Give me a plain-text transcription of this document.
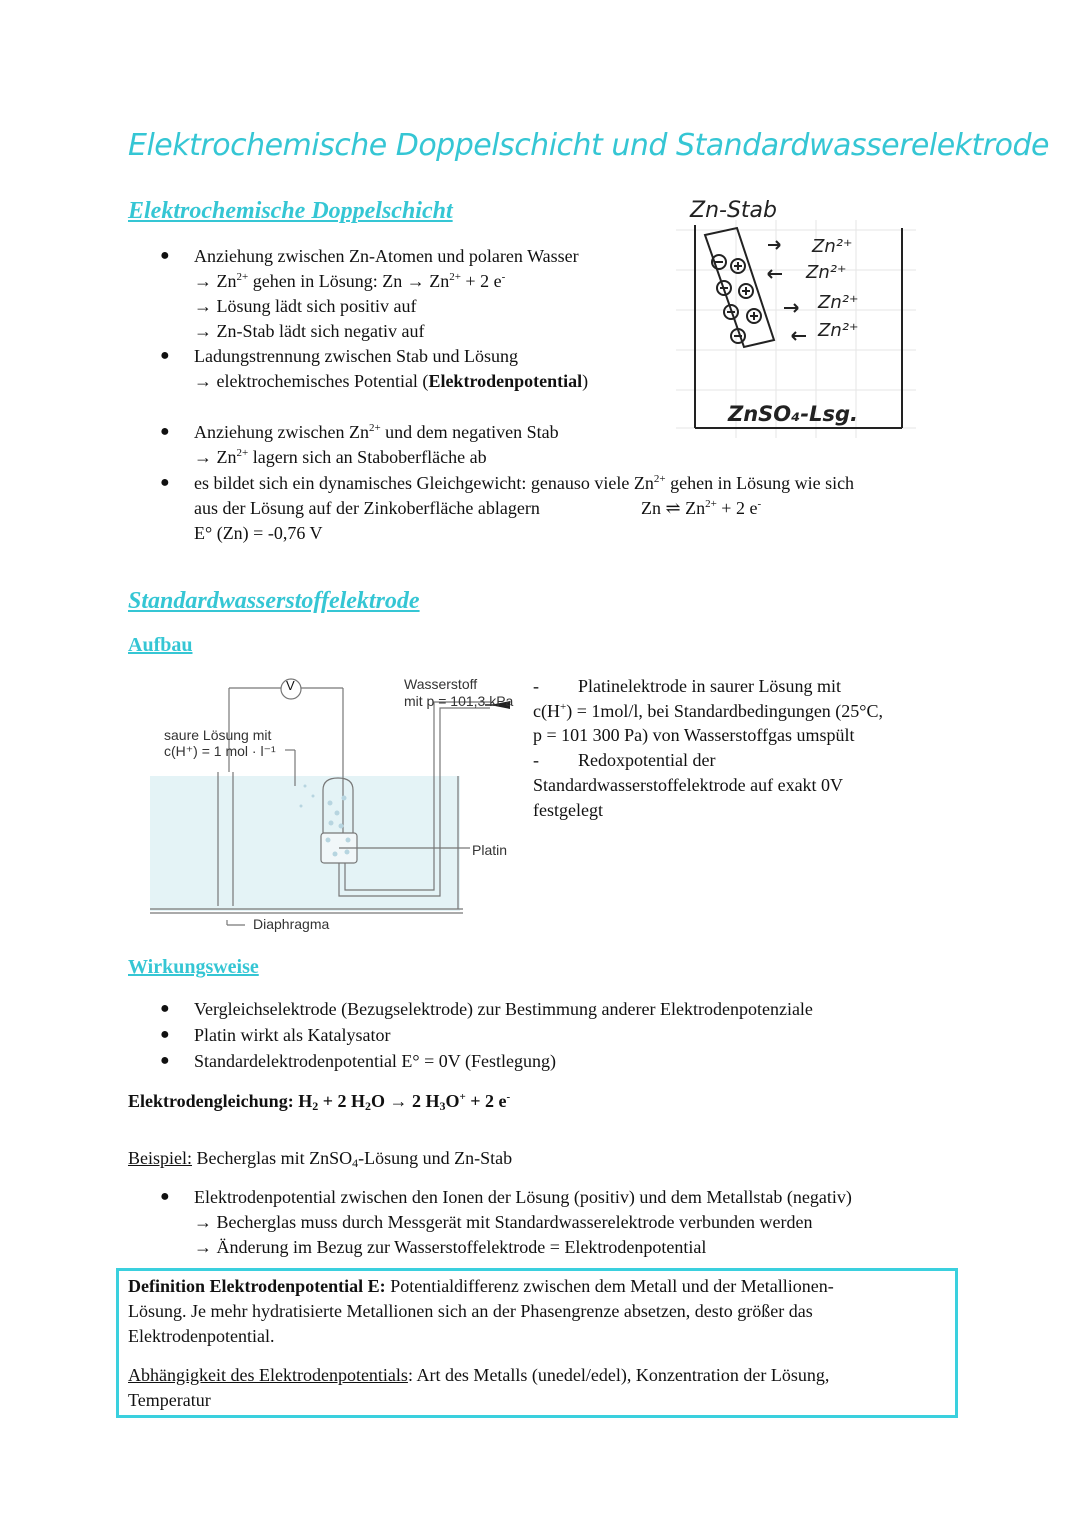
Elektrochemische Doppelschicht und Standardwasserelektrode
Elektrochemische Doppelschicht
● Anziehung zwischen Zn-Atomen und polaren Wasser
→ $Zn^{2+}$ gehen in Lösung: $Zn \to Zn^{2+} + 2$ e-
→ Lösung lädt sich positiv auf
→ Zn-Stab lädt sich negativ auf
● Ladungstrennung zwischen Stab und Lösung
→ elektrochemisches Potential (Elektrodenpotential)
● Anziehung zwischen $Zn^{2+}$ und dem negativen Stab
→ $Zn^{2+}$ lagern sich an Staboberfläche ab
● es bildet sich ein dynamisches Gleichgewicht: genauso viele $Zn^{2+}$ gehen in Lösung wie sich
aus der Lösung auf der Zinkoberfläche ablagern	Zn ⇌ $Zn^{2+} + 2$ e-
E° (Zn) = -0,76 V
Zn-Stab
Zn²⁺
Zn²⁺
Zn²⁺
Zn²⁺
ZnSO₄-Lsg.
Standardwasserstoffelektrode
Aufbau
V
saure Lösung mit
c(H⁺) = 1 mol · l⁻¹
Wasserstoff
mit p = 101,3 kPa
Platin
Diaphragma
- Platinelektrode in saurer Lösung mit
c(H+) = 1mol/l, bei Standardbedingungen (25°C,
p = 101 300 Pa) von Wasserstoffgas umspült
- Redoxpotential der
Standardwasserstoffelektrode auf exakt 0V
festgelegt
Wirkungsweise
● Vergleichselektrode (Bezugselektrode) zur Bestimmung anderer Elektrodenpotenziale
● Platin wirkt als Katalysator
● Standardelektrodenpotential E° = 0V (Festlegung)
Elektrodengleichung: $H_2 + 2$ $H_2O \to 2$ $H_3O^+ + 2$ e-
Beispiel: Becherglas mit ZnSO$_4$-Lösung und Zn-Stab
● Elektrodenpotential zwischen den Ionen der Lösung (positiv) und dem Metallstab (negativ)
→ Becherglas muss durch Messgerät mit Standardwasserelektrode verbunden werden
→ Änderung im Bezug zur Wasserstoffelektrode = Elektrodenpotential
Definition Elektrodenpotential E: Potentialdifferenz zwischen dem Metall und der Metallionen-
Lösung. Je mehr hydratisierte Metallionen sich an der Phasengrenze absetzen, desto größer das
Elektrodenpotential.
Abhängigkeit des Elektrodenpotentials: Art des Metalls (unedel/edel), Konzentration der Lösung,
Temperatur
